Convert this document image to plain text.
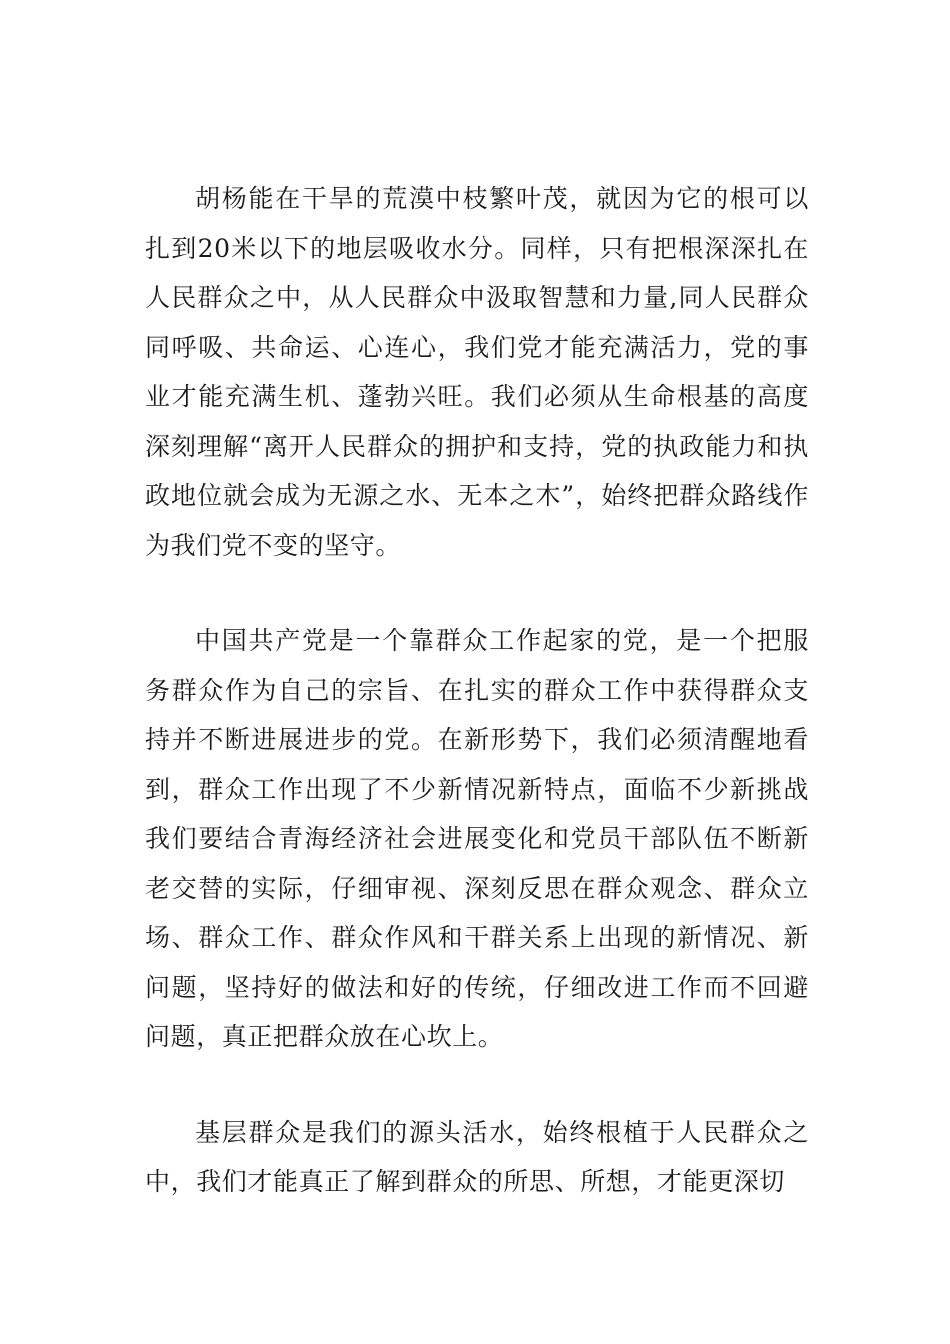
胡杨能在干旱的荒漠中枝繁叶茂，就因为它的根可以扎到20米以下的地层吸收水分。同样，只有把根深深扎在人民群众之中，从人民群众中汲取智慧和力量,同人民群众同呼吸、共命运、心连心，我们党才能充满活力，党的事业才能充满生机、蓬勃兴旺。我们必须从生命根基的高度深刻理解“离开人民群众的拥护和支持，党的执政能力和执政地位就会成为无源之水、无本之木”，始终把群众路线作为我们党不变的坚守。

中国共产党是一个靠群众工作起家的党，是一个把服务群众作为自己的宗旨、在扎实的群众工作中获得群众支持并不断进展进步的党。在新形势下，我们必须清醒地看到，群众工作出现了不少新情况新特点，面临不少新挑战我们要结合青海经济社会进展变化和党员干部队伍不断新老交替的实际，仔细审视、深刻反思在群众观念、群众立场、群众工作、群众作风和干群关系上出现的新情况、新问题，坚持好的做法和好的传统，仔细改进工作而不回避问题，真正把群众放在心坎上。

基层群众是我们的源头活水，始终根植于人民群众之中，我们才能真正了解到群众的所思、所想，才能更深切
